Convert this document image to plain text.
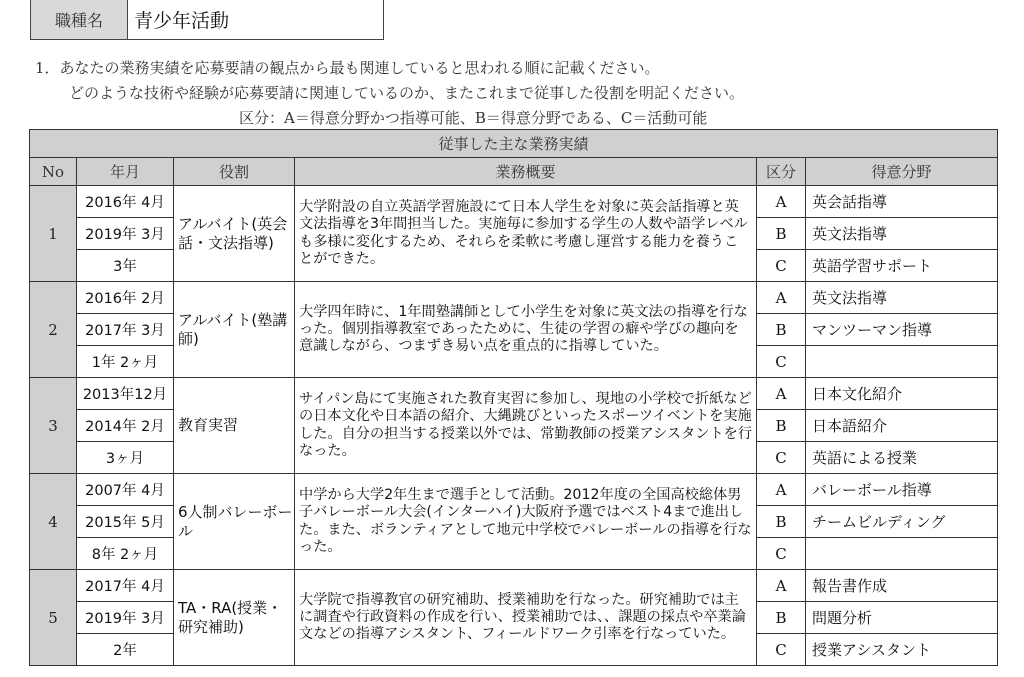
職種名	青少年活動
1．あなたの業務実績を応募要請の観点から最も関連していると思われる順に記載ください。
どのような技術や経験が応募要請に関連しているのか、またこれまで従事した役割を明記ください。
区分：A＝得意分野かつ指導可能、B＝得意分野である、C＝活動可能
従事した主な業務実績					
No	年月	役割	業務概要	区分	得意分野
1	2016年 4月	アルバイト(英会話・文法指導)	大学附設の自立英語学習施設にて日本人学生を対象に英会話指導と英文法指導を3年間担当した。実施毎に参加する学生の人数や語学レベルも多様に変化するため、それらを柔軟に考慮し運営する能力を養うことができた。	A	英会話指導
	2019年 3月			B	英文法指導
	3年			C	英語学習サポート
2	2016年 2月	アルバイト(塾講師)	大学四年時に、1年間塾講師として小学生を対象に英文法の指導を行なった。個別指導教室であったために、生徒の学習の癖や学びの趣向を意識しながら、つまずき易い点を重点的に指導していた。	A	英文法指導
	2017年 3月			B	マンツーマン指導
	1年 2ヶ月			C	
3	2013年12月	教育実習	サイパン島にて実施された教育実習に参加し、現地の小学校で折紙などの日本文化や日本語の紹介、大縄跳びといったスポーツイベントを実施した。自分の担当する授業以外では、常勤教師の授業アシスタントを行なった。	A	日本文化紹介
	2014年 2月			B	日本語紹介
	3ヶ月			C	英語による授業
4	2007年 4月	6人制バレーボール	中学から大学2年生まで選手として活動。2012年度の全国高校総体男子バレーボール大会(インターハイ)大阪府予選ではベスト4まで進出した。また、ボランティアとして地元中学校でバレーボールの指導を行なった。	A	バレーボール指導
	2015年 5月			B	チームビルディング
	8年 2ヶ月			C	
5	2017年 4月	TA・RA(授業・研究補助)	大学院で指導教官の研究補助、授業補助を行なった。研究補助では主に調査や行政資料の作成を行い、授業補助では、、課題の採点や卒業論文などの指導アシスタント、フィールドワーク引率を行なっていた。	A	報告書作成
	2019年 3月			B	問題分析
	2年			C	授業アシスタント
